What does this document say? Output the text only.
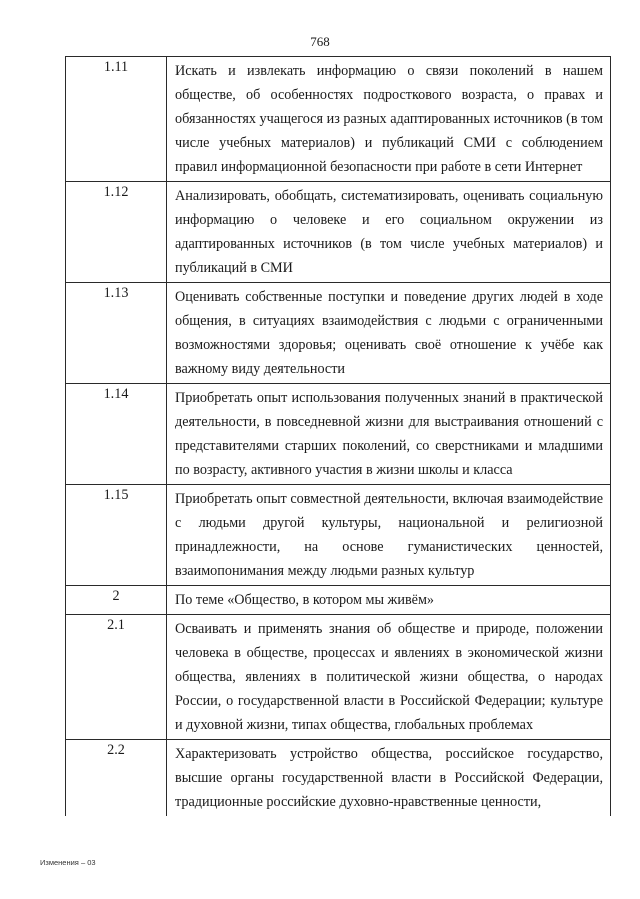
768
1.11	Искать и извлекать информацию о связи поколений в нашем обществе, об особенностях подросткового возраста, о правах и обязанностях учащегося из разных адаптированных источников (в том числе учебных материалов) и публикаций СМИ с соблюдением правил информационной безопасности при работе в сети Интернет
1.12	Анализировать, обобщать, систематизировать, оценивать социальную информацию о человеке и его социальном окружении из адаптированных источников (в том числе учебных материалов) и публикаций в СМИ
1.13	Оценивать собственные поступки и поведение других людей в ходе общения, в ситуациях взаимодействия с людьми с ограниченными возможностями здоровья; оценивать своё отношение к учёбе как важному виду деятельности
1.14	Приобретать опыт использования полученных знаний в практической деятельности, в повседневной жизни для выстраивания отношений с представителями старших поколений, со сверстниками и младшими по возрасту, активного участия в жизни школы и класса
1.15	Приобретать опыт совместной деятельности, включая взаимодействие с людьми другой культуры, национальной и религиозной принадлежности, на основе гуманистических ценностей, взаимопонимания между людьми разных культур
2	По теме «Общество, в котором мы живём»
2.1	Осваивать и применять знания об обществе и природе, положении человека в обществе, процессах и явлениях в экономической жизни общества, явлениях в политической жизни общества, о народах России, о государственной власти в Российской Федерации; культуре и духовной жизни, типах общества, глобальных проблемах
2.2	Характеризовать устройство общества, российское государство, высшие органы государственной власти в Российской Федерации, традиционные российские духовно-нравственные ценности,
Изменения – 03
